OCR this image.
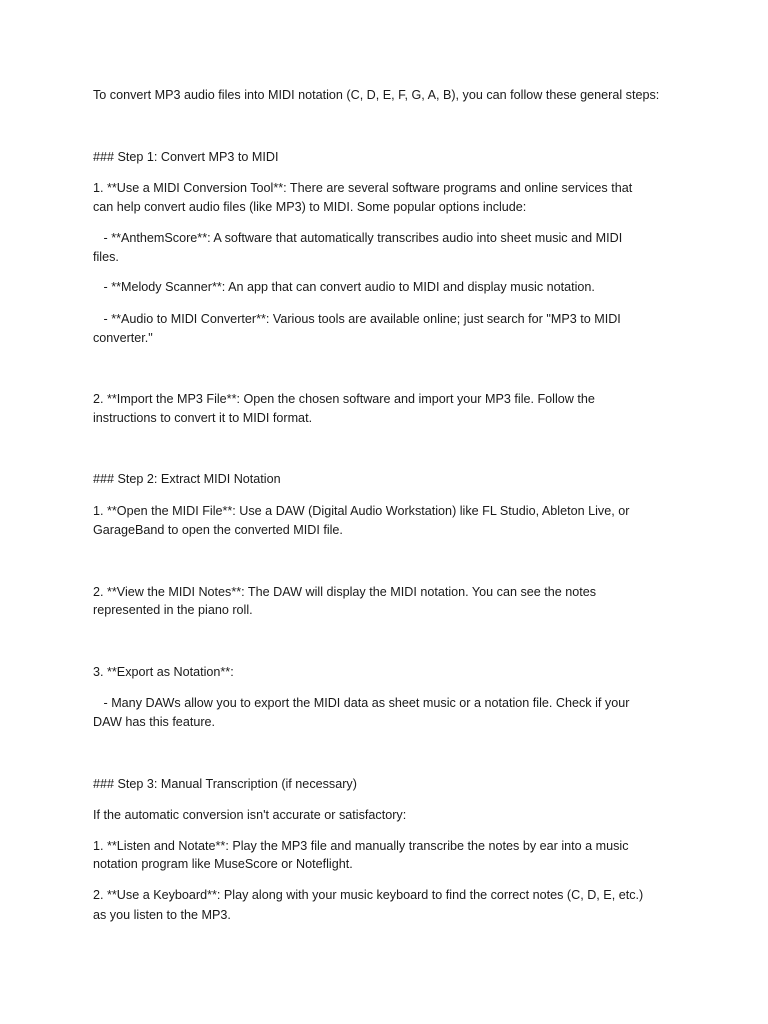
To convert MP3 audio files into MIDI notation (C, D, E, F, G, A, B), you can follow these general steps:

### Step 1: Convert MP3 to MIDI

1. **Use a MIDI Conversion Tool**: There are several software programs and online services that

can help convert audio files (like MP3) to MIDI. Some popular options include:

- **AnthemScore**: A software that automatically transcribes audio into sheet music and MIDI

files.

- **Melody Scanner**: An app that can convert audio to MIDI and display music notation.

- **Audio to MIDI Converter**: Various tools are available online; just search for "MP3 to MIDI

converter."

2. **Import the MP3 File**: Open the chosen software and import your MP3 file. Follow the

instructions to convert it to MIDI format.

### Step 2: Extract MIDI Notation

1. **Open the MIDI File**: Use a DAW (Digital Audio Workstation) like FL Studio, Ableton Live, or

GarageBand to open the converted MIDI file.

2. **View the MIDI Notes**: The DAW will display the MIDI notation. You can see the notes

represented in the piano roll.

3. **Export as Notation**:

- Many DAWs allow you to export the MIDI data as sheet music or a notation file. Check if your

DAW has this feature.

### Step 3: Manual Transcription (if necessary)

If the automatic conversion isn't accurate or satisfactory:

1. **Listen and Notate**: Play the MP3 file and manually transcribe the notes by ear into a music

notation program like MuseScore or Noteflight.

2. **Use a Keyboard**: Play along with your music keyboard to find the correct notes (C, D, E, etc.)

as you listen to the MP3.
